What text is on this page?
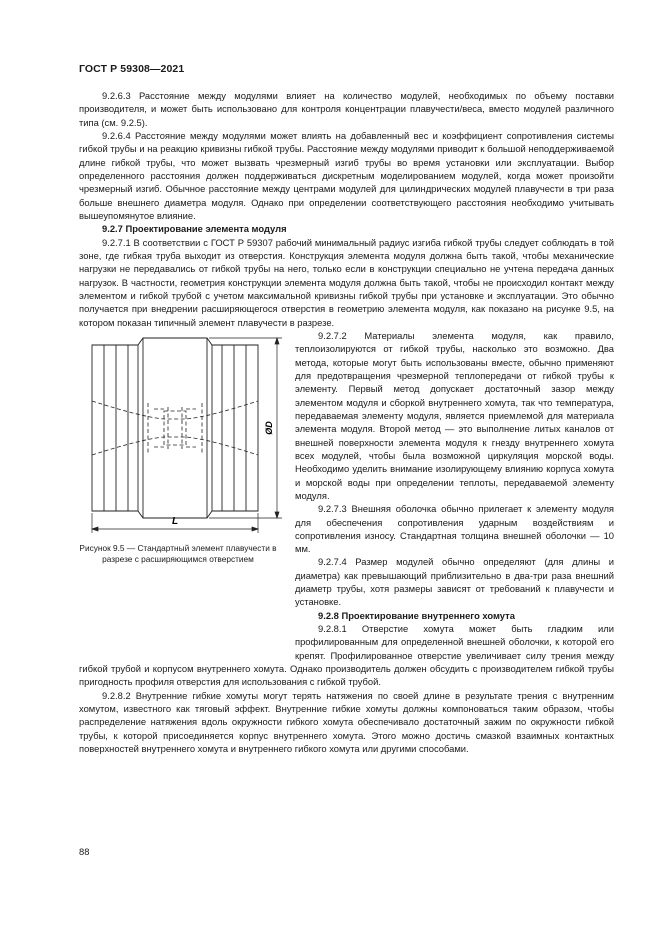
ГОСТ Р 59308—2021

9.2.6.3 Расстояние между модулями влияет на количество модулей, необходимых по объему поставки производителя, и может быть использовано для контроля концентрации плавучести/веса, вместо модулей различного типа (см. 9.2.5).

9.2.6.4 Расстояние между модулями может влиять на добавленный вес и коэффициент сопротивления системы гибкой трубы и на реакцию кривизны гибкой трубы. Расстояние между модулями приводит к большой неподдерживаемой длине гибкой трубы, что может вызвать чрезмерный изгиб трубы во время установки или эксплуатации. Выбор определенного расстояния должен поддерживаться дискретным моделированием модулей, когда может произойти чрезмерный изгиб. Обычное расстояние между центрами модулей для цилиндрических модулей плавучести в три раза больше внешнего диаметра модуля. Однако при определении соответствующего расстояния необходимо учитывать вышеупомянутое влияние.

9.2.7 Проектирование элемента модуля

9.2.7.1 В соответствии с ГОСТ Р 59307 рабочий минимальный радиус изгиба гибкой трубы следует соблюдать в той зоне, где гибкая труба выходит из отверстия. Конструкция элемента модуля должна быть такой, чтобы механические нагрузки не передавались от гибкой трубы на него, только если в конструкции специально не учтена передача данных нагрузок. В частности, геометрия конструкции элемента модуля должна быть такой, чтобы не происходил контакт между элементом и гибкой трубой с учетом максимальной кривизны гибкой трубы при установке и эксплуатации. Это обычно получается при внедрении расширяющегося отверстия в геометрию элемента модуля, как показано на рисунке 9.5, на котором показан типичный элемент плавучести в разрезе.

L
ØD
Рисунок 9.5 — Стандартный элемент плавучести в разрезе с расширяющимся отверстием

9.2.7.2 Материалы элемента модуля, как правило, теплоизолируются от гибкой трубы, насколько это возможно. Два метода, которые могут быть использованы вместе, обычно применяют для предотвращения чрезмерной теплопередачи от гибкой трубы к элементу. Первый метод допускает достаточный зазор между элементом модуля и сборкой внутреннего хомута, так что температура, передаваемая элементу модуля, является приемлемой для материала элемента модуля. Второй метод — это выполнение литых каналов от внешней поверхности элемента модуля к гнезду внутреннего хомута всех модулей, чтобы была возможной циркуляция морской воды. Необходимо уделить внимание изолирующему влиянию корпуса хомута и морской воды при определении теплоты, передаваемой элементу модуля.

9.2.7.3 Внешняя оболочка обычно прилегает к элементу модуля для обеспечения сопротивления ударным воздействиям и сопротивления износу. Стандартная толщина внешней оболочки — 10 мм.

9.2.7.4 Размер модулей обычно определяют (для длины и диаметра) как превышающий приблизительно в два-три раза внешний диаметр трубы, хотя размеры зависят от требований к плавучести и установке.

9.2.8 Проектирование внутреннего хомута

9.2.8.1 Отверстие хомута может быть гладким или профилированным для определенной внешней оболочки, к которой его крепят. Профилированное отверстие увеличивает силу трения между гибкой трубой и корпусом внутреннего хомута. Однако производитель должен обсудить с производителем гибкой трубы пригодность профиля отверстия для использования с гибкой трубой.

9.2.8.2 Внутренние гибкие хомуты могут терять натяжения по своей длине в результате трения с внутренним хомутом, известного как тяговый эффект. Внутренние гибкие хомуты должны компоноваться таким образом, чтобы распределение натяжения вдоль окружности гибкого хомута обеспечивало достаточный зажим по окружности гибкой трубы, к которой присоединяется корпус внутреннего хомута. Этого можно достичь смазкой взаимных контактных поверхностей внутреннего хомута и внутреннего гибкого хомута или другими способами.

88
